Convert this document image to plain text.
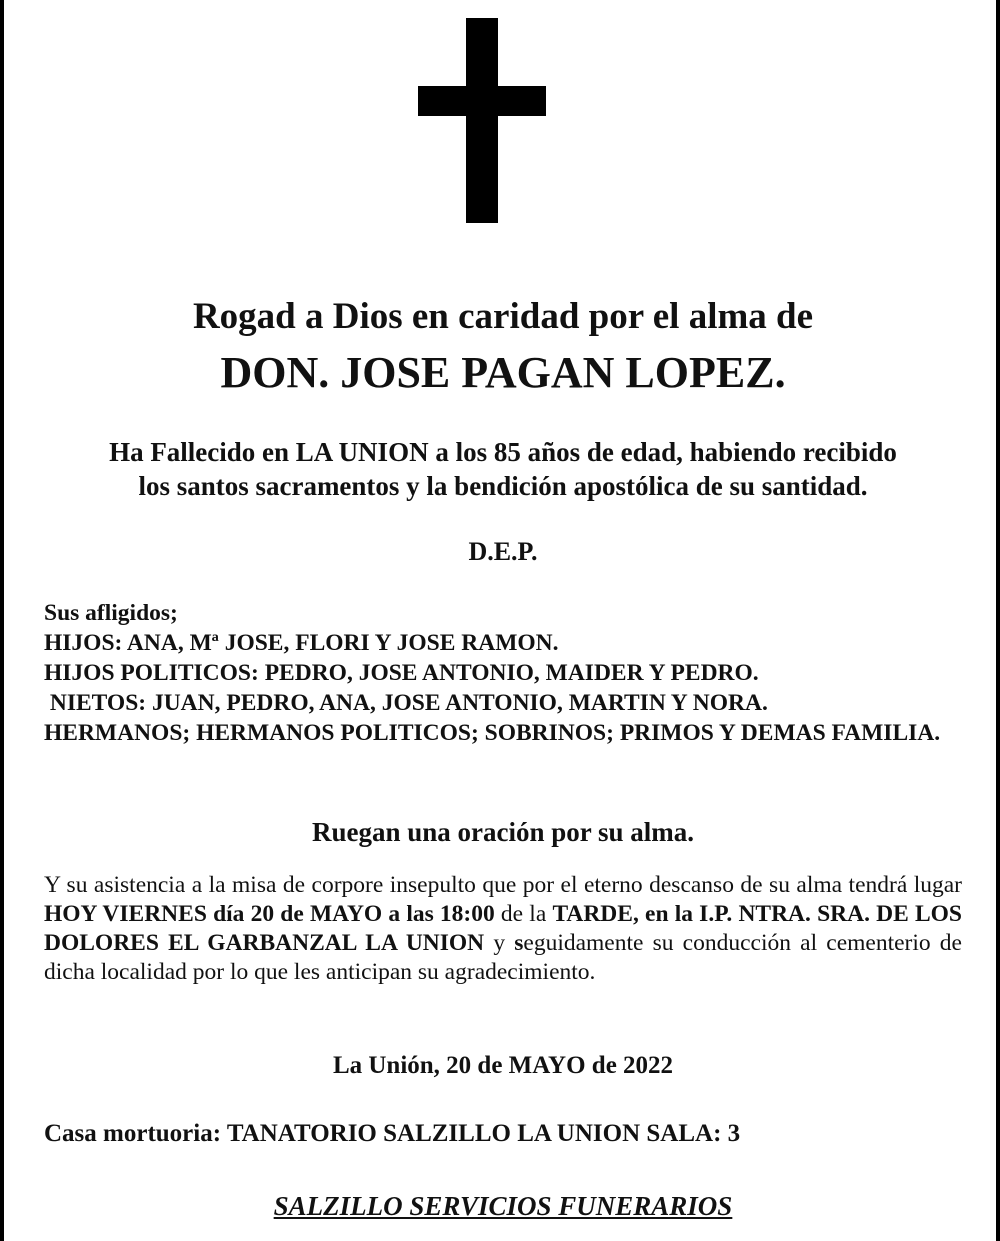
Rogad a Dios en caridad por el alma de
DON. JOSE PAGAN LOPEZ.
Ha Fallecido en LA UNION a los 85 años de edad, habiendo recibido
los santos sacramentos y la bendición apostólica de su santidad.
D.E.P.
Sus afligidos;
HIJOS: ANA, Mª JOSE, FLORI Y JOSE RAMON.
HIJOS POLITICOS: PEDRO, JOSE ANTONIO, MAIDER Y PEDRO.
NIETOS: JUAN, PEDRO, ANA, JOSE ANTONIO, MARTIN Y NORA.
HERMANOS; HERMANOS POLITICOS; SOBRINOS; PRIMOS Y DEMAS FAMILIA.
Ruegan una oración por su alma.
Y su asistencia a la misa de corpore insepulto que por el eterno descanso de su alma tendrá lugar HOY VIERNES día 20 de MAYO a las 18:00 de la TARDE, en la I.P. NTRA. SRA. DE LOS DOLORES EL GARBANZAL LA UNION y seguidamente su conducción al cementerio de dicha localidad por lo que les anticipan su agradecimiento.
La Unión, 20 de MAYO de 2022
Casa mortuoria: TANATORIO SALZILLO LA UNION SALA: 3
SALZILLO SERVICIOS FUNERARIOS
